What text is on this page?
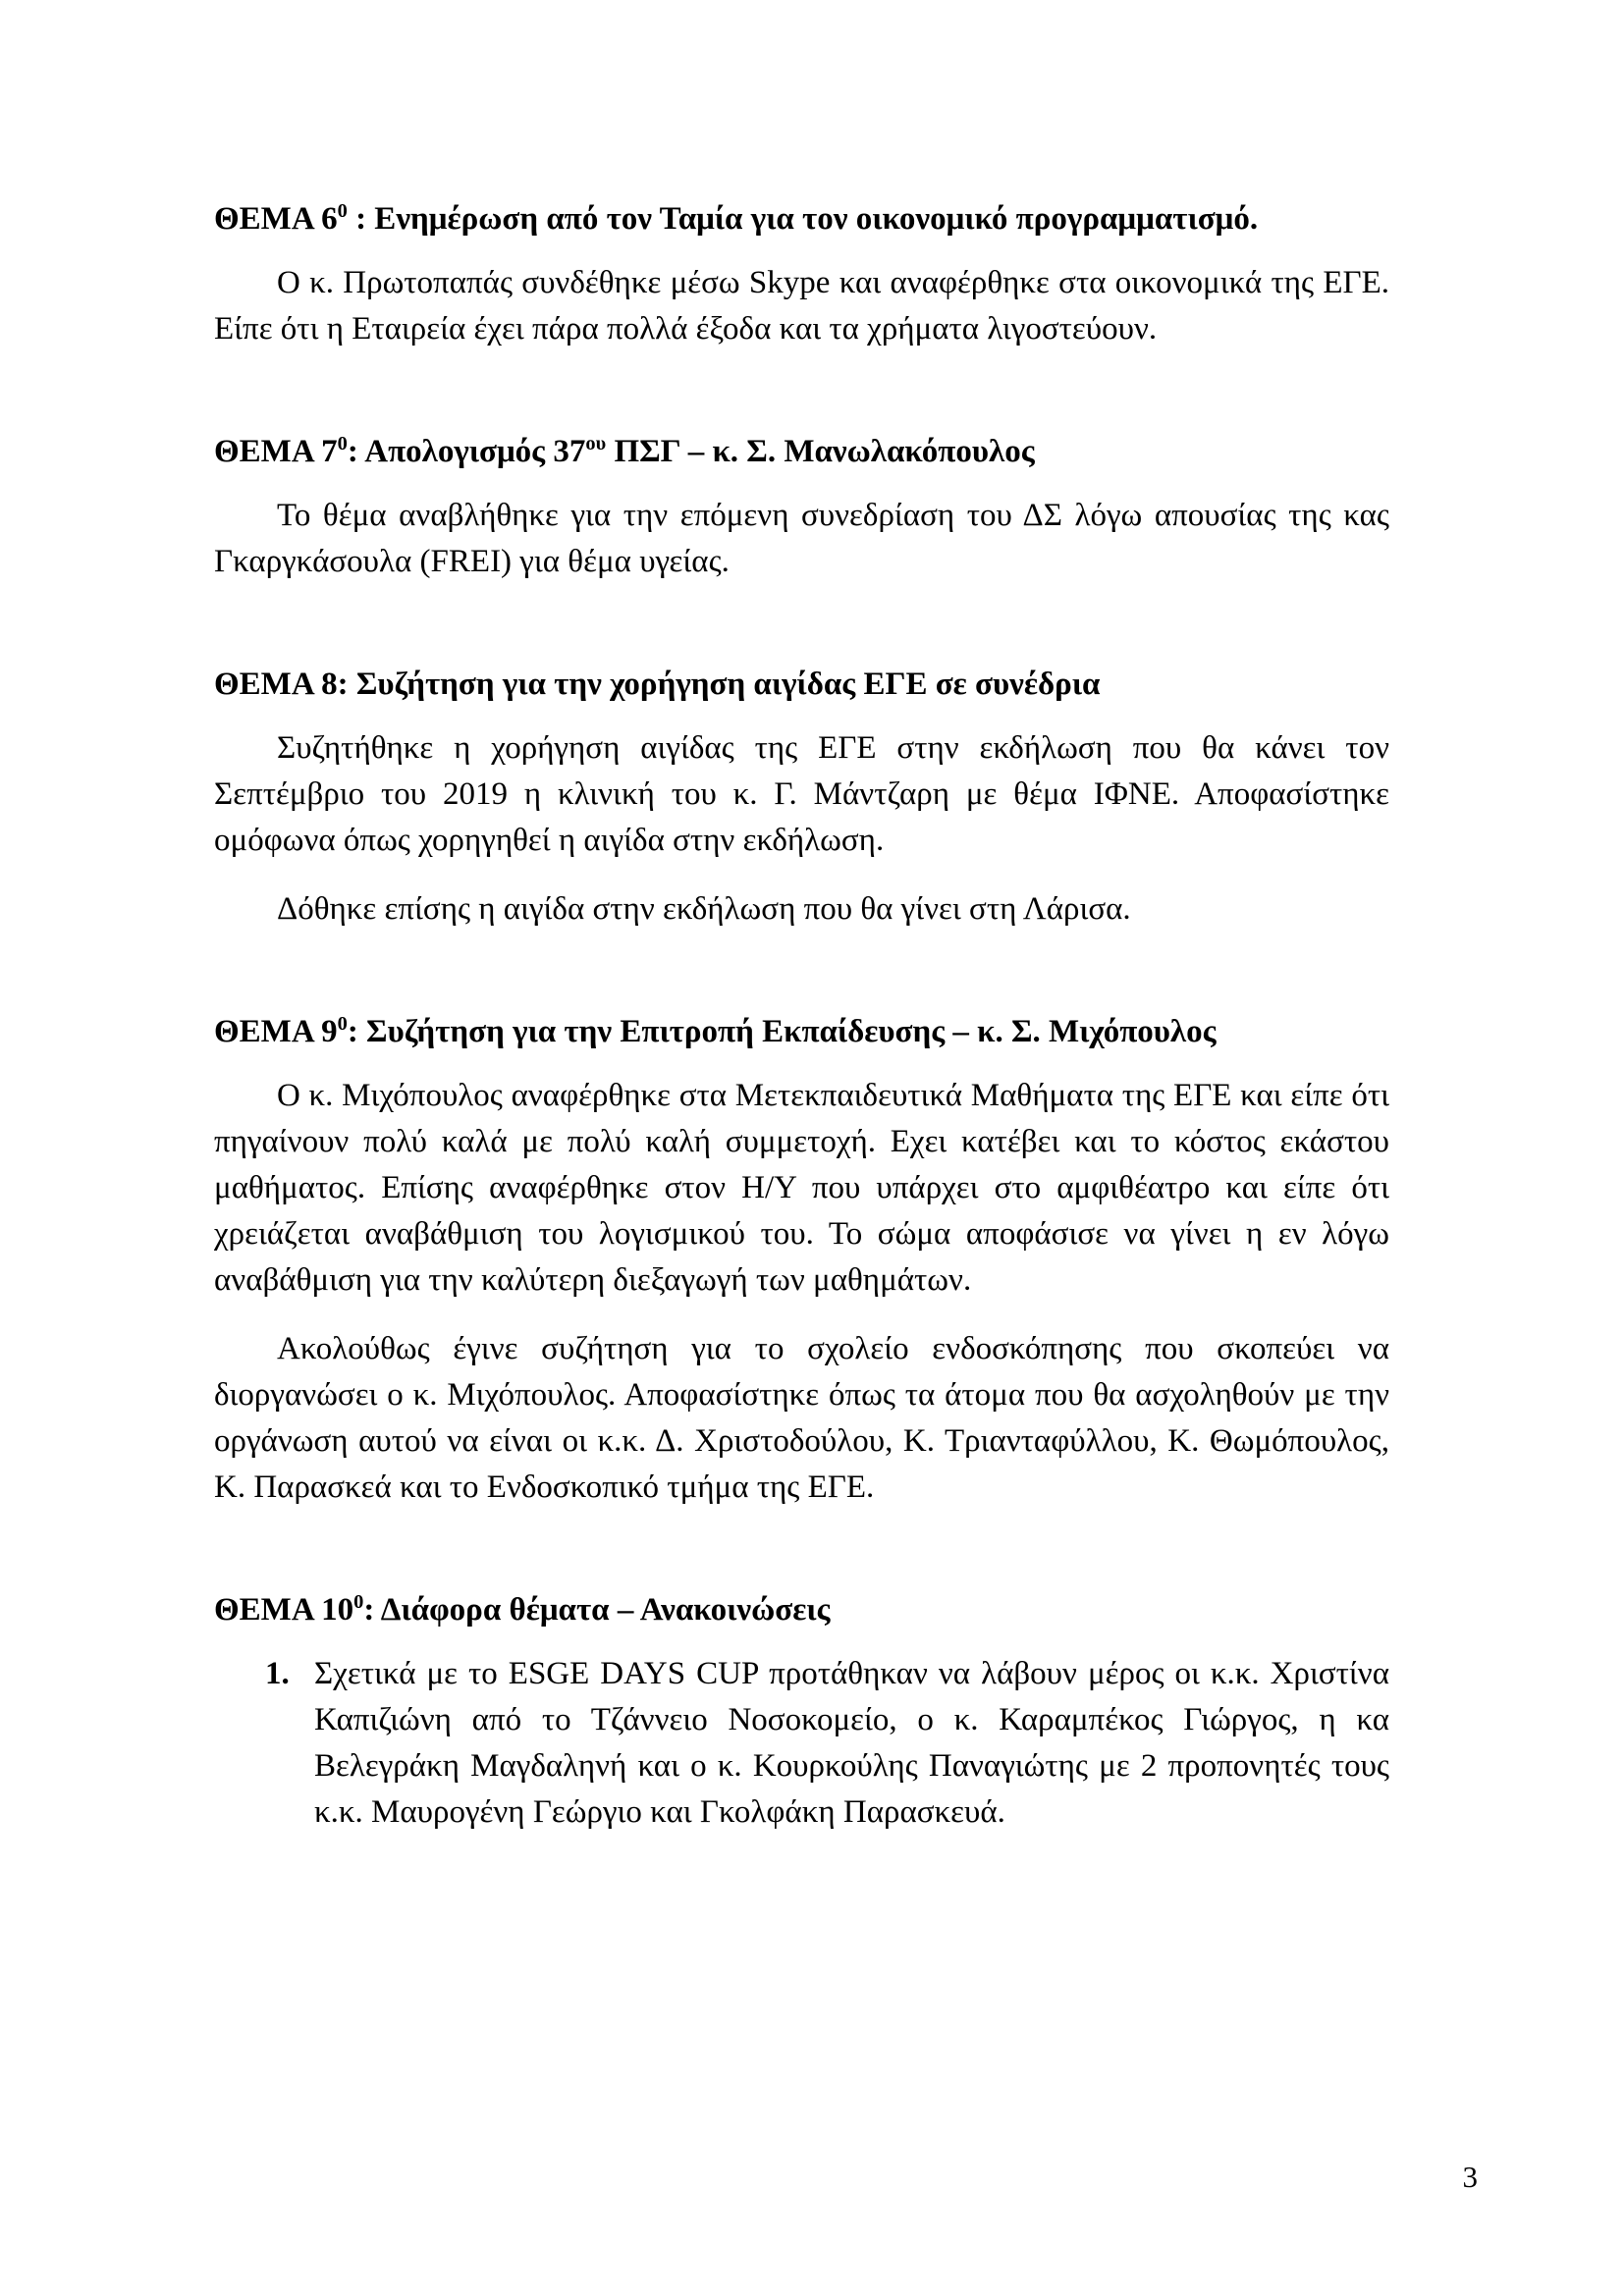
ΘΕΜΑ $6^0$ : Ενημέρωση από τον Ταμία για τον οικονομικό προγραμματισμό.

Ο κ. Πρωτοπαπάς συνδέθηκε μέσω Skype και αναφέρθηκε στα οικονομικά της ΕΓΕ. Είπε ότι η Εταιρεία έχει πάρα πολλά έξοδα και τα χρήματα λιγοστεύουν.

ΘΕΜΑ $7^0$: Απολογισμός $37^{o\upsilon}$ ΠΣΓ – κ. Σ. Μανωλακόπουλος

Το θέμα αναβλήθηκε για την επόμενη συνεδρίαση του ΔΣ λόγω απουσίας της κας Γκαργκάσουλα (FREI) για θέμα υγείας.

ΘΕΜΑ 8: Συζήτηση για την χορήγηση αιγίδας ΕΓΕ σε συνέδρια

Συζητήθηκε η χορήγηση αιγίδας της ΕΓΕ στην εκδήλωση που θα κάνει τον Σεπτέμβριο του 2019 η κλινική του κ. Γ. Μάντζαρη με θέμα ΙΦΝΕ. Αποφασίστηκε ομόφωνα όπως χορηγηθεί η αιγίδα στην εκδήλωση.

Δόθηκε επίσης η αιγίδα στην εκδήλωση που θα γίνει στη Λάρισα.

ΘΕΜΑ $9^0$: Συζήτηση για την Επιτροπή Εκπαίδευσης – κ. Σ. Μιχόπουλος

Ο κ. Μιχόπουλος αναφέρθηκε στα Μετεκπαιδευτικά Μαθήματα της ΕΓΕ και είπε ότι πηγαίνουν πολύ καλά με πολύ καλή συμμετοχή. Εχει κατέβει και το κόστος εκάστου μαθήματος. Επίσης αναφέρθηκε στον Η/Υ που υπάρχει στο αμφιθέατρο και είπε ότι χρειάζεται αναβάθμιση του λογισμικού του. Το σώμα αποφάσισε να γίνει η εν λόγω αναβάθμιση για την καλύτερη διεξαγωγή των μαθημάτων.

Ακολούθως έγινε συζήτηση για το σχολείο ενδοσκόπησης που σκοπεύει να διοργανώσει ο κ. Μιχόπουλος. Αποφασίστηκε όπως τα άτομα που θα ασχοληθούν με την οργάνωση αυτού να είναι οι κ.κ. Δ. Χριστοδούλου, Κ. Τριανταφύλλου, Κ. Θωμόπουλος, Κ. Παρασκεά και το Ενδοσκοπικό τμήμα της ΕΓΕ.

ΘΕΜΑ $10^0$: Διάφορα θέματα – Ανακοινώσεις
1. Σχετικά με το ESGE DAYS CUP προτάθηκαν να λάβουν μέρος οι κ.κ. Χριστίνα Καπιζιώνη από το Τζάννειο Νοσοκομείο, ο κ. Καραμπέκος Γιώργος, η κα Βελεγράκη Μαγδαληνή και ο κ. Κουρκούλης Παναγιώτης με 2 προπονητές τους κ.κ. Μαυρογένη Γεώργιο και Γκολφάκη Παρασκευά.
3
